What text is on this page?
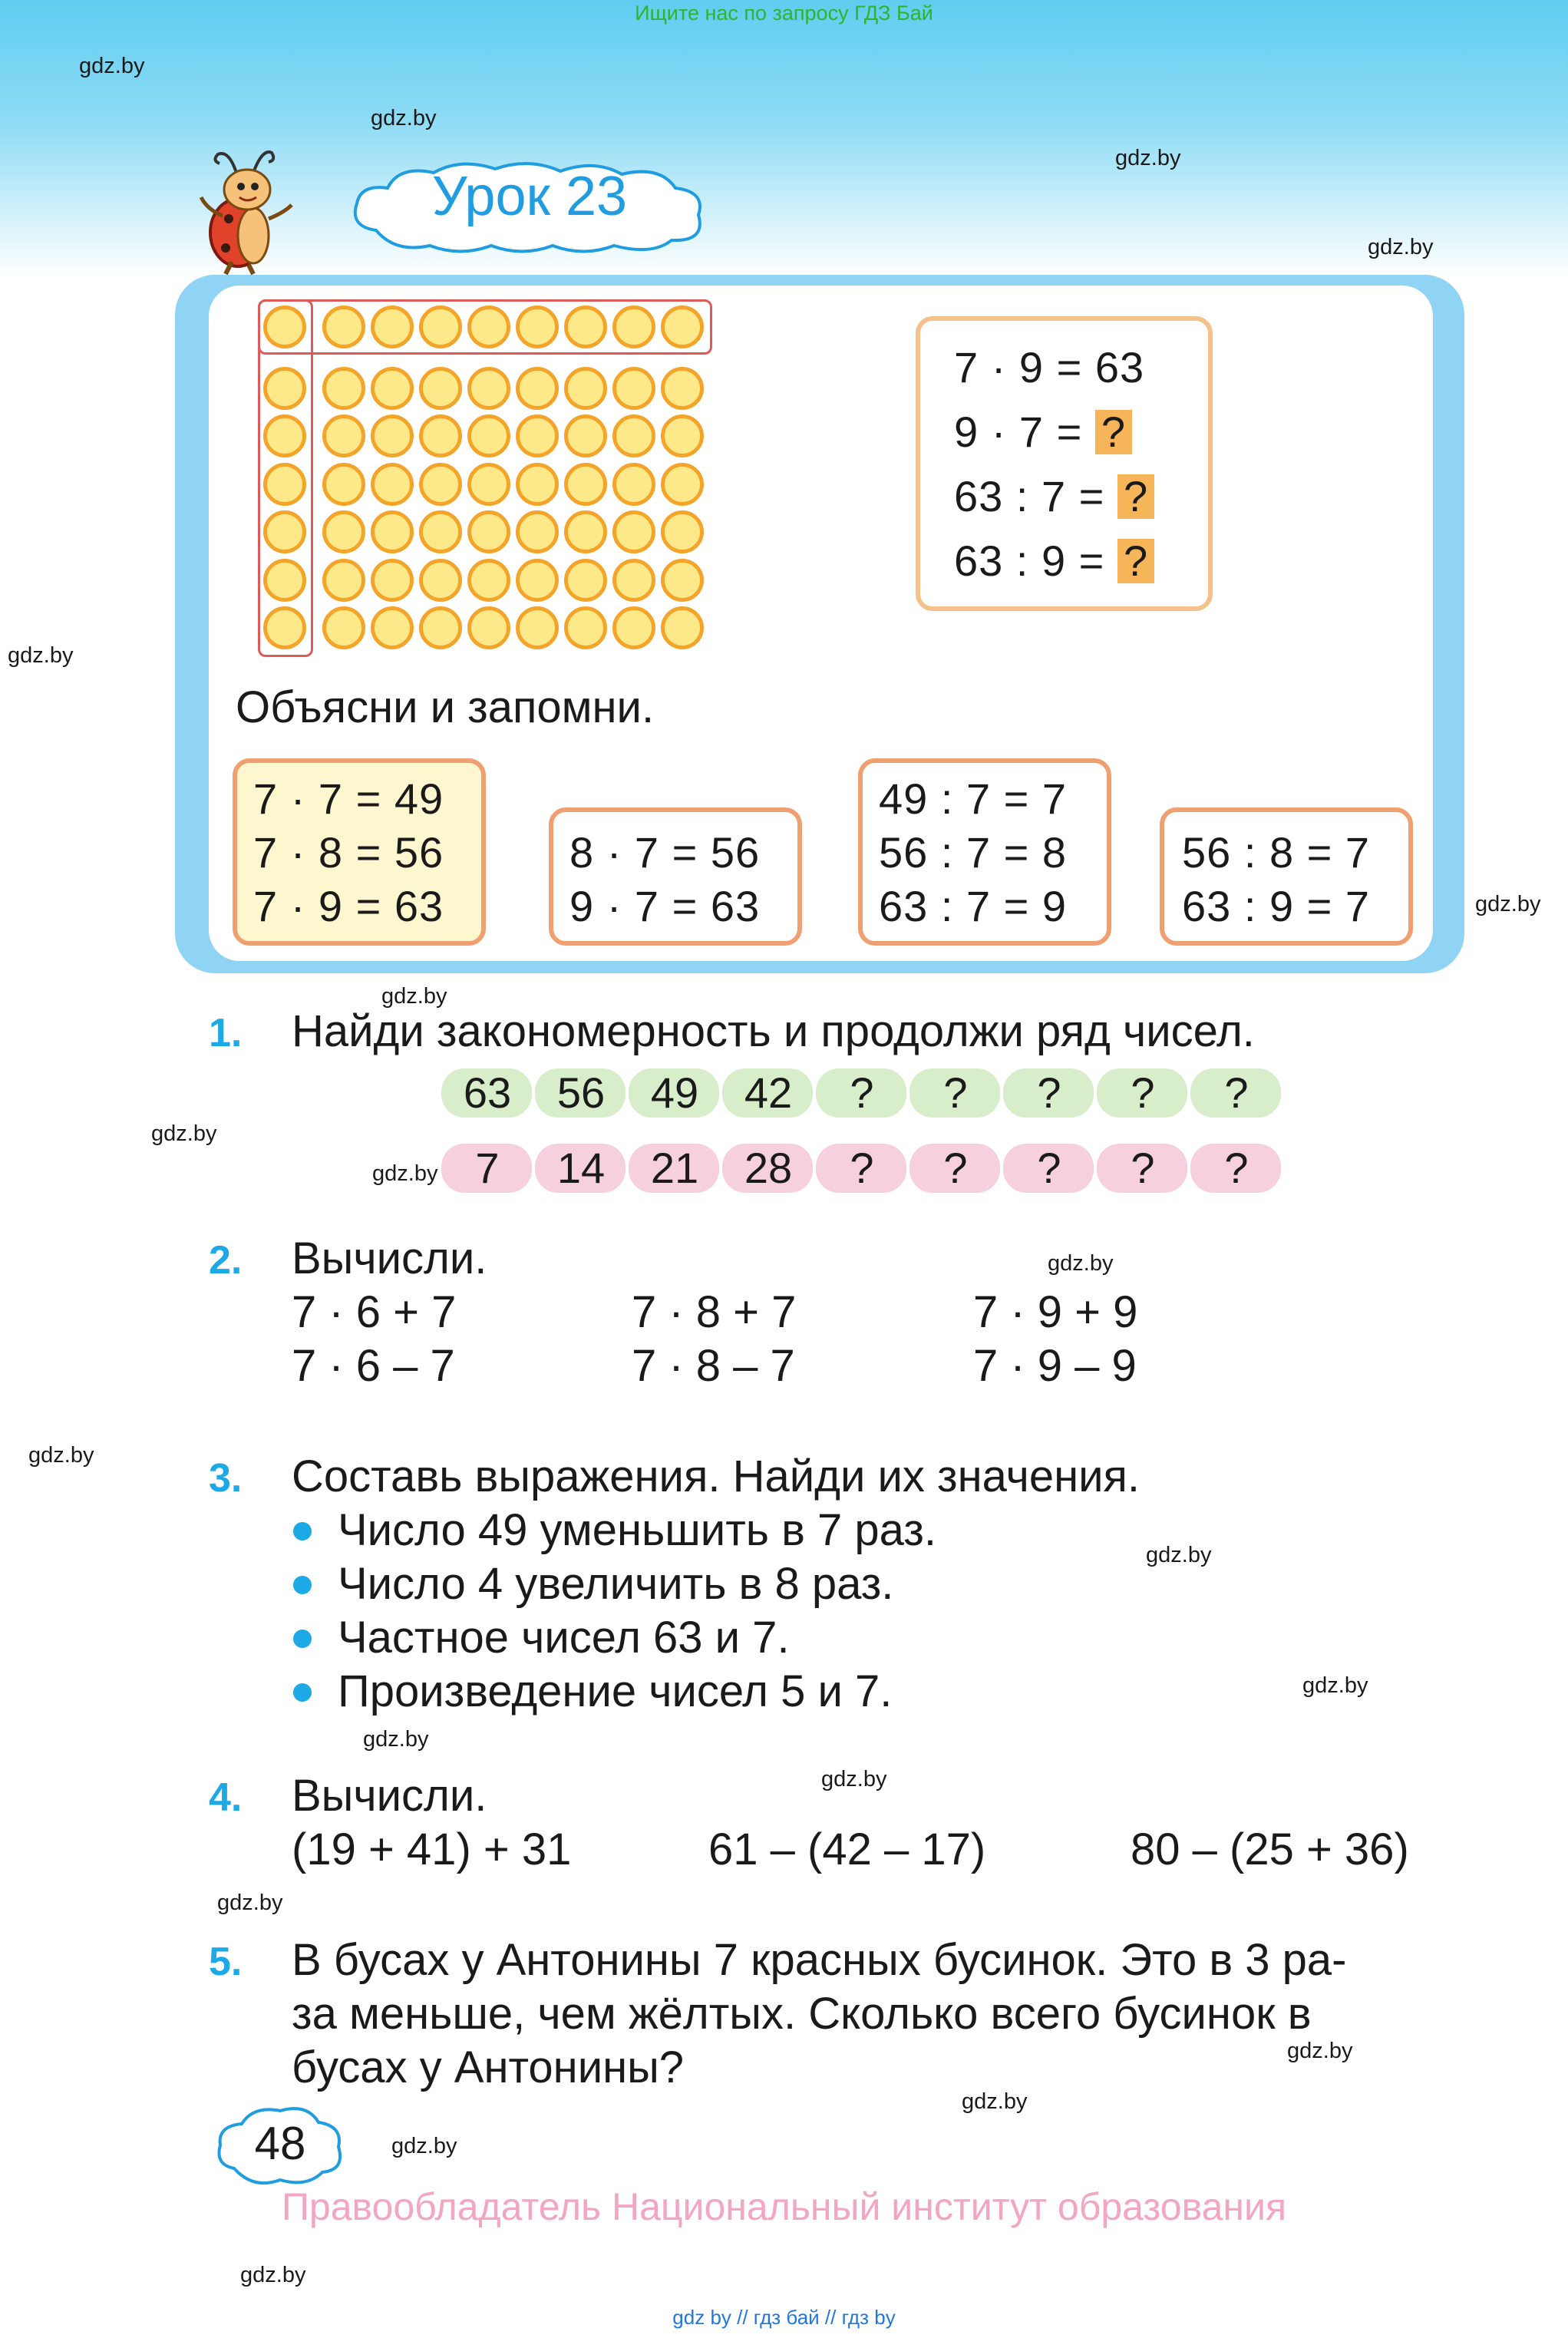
Ищите нас по запросу ГДЗ Бай
gdz.by
gdz.by
gdz.by
gdz.by
gdz.by
gdz.by
gdz.by
gdz.by
gdz.by
gdz.by
gdz.by
gdz.by
gdz.by
gdz.by
gdz.by
gdz.by
gdz.by
gdz.by
gdz.by
gdz.by
Урок 23
7 · 9 = 63
9 · 7 = ?
63 : 7 = ?
63 : 9 = ?
Объясни и запомни.
7 · 7 = 49
7 · 8 = 56
7 · 9 = 63
8 · 7 = 56
9 · 7 = 63
49 : 7 = 7
56 : 7 = 8
63 : 7 = 9
56 : 8 = 7
63 : 9 = 7
1. Найди закономерность и продолжи ряд чисел.
63	56	49	42	?	?	?	?	?
7	14	21	28	?	?	?	?	?
2. Вычисли.
7 · 6 + 7
7 · 6 – 7
7 · 8 + 7
7 · 8 – 7
7 · 9 + 9
7 · 9 – 9
3. Составь выражения. Найди их значения.
Число 49 уменьшить в 7 раз.
Число 4 увеличить в 8 раз.
Частное чисел 63 и 7.
Произведение чисел 5 и 7.
4. Вычисли.
(19 + 41) + 31	61 – (42 – 17)	80 – (25 + 36)
5. В бусах у Антонины 7 красных бусинок. Это в 3 ра-
за меньше, чем жёлтых. Сколько всего бусинок в
бусах у Антонины?
48
Правообладатель Национальный институт образования
gdz by // гдз бай // гдз by
